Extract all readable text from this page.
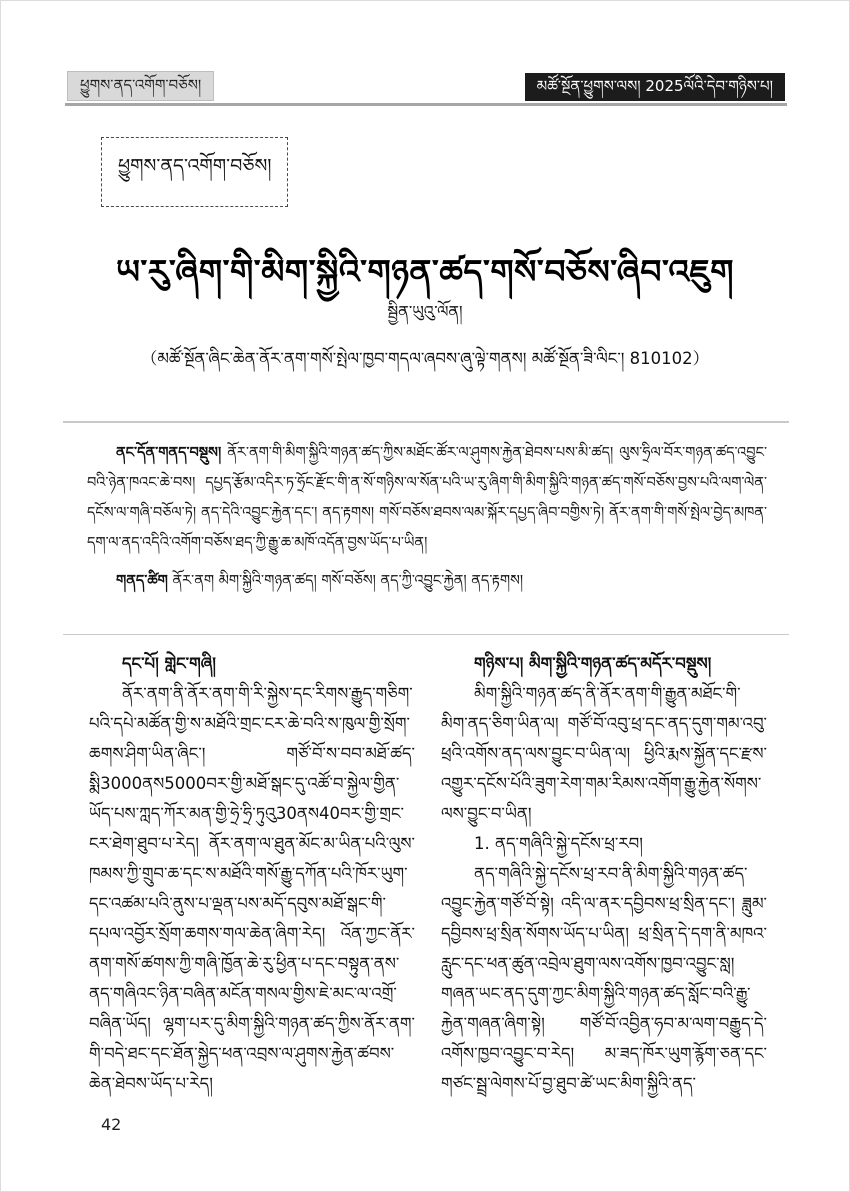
ཕྱུགས་ནད་འགོག་བཅོས།	མཚོ་སྔོན་ཕྱུགས་ལས། 2025ལོའི་དེབ་གཉིས་པ།
ཕྱུགས་ནད་འགོག་བཅོས།
ཡ་རུ་ཞིག་གི་མིག་སྐྱིའི་གཉན་ཚད་གསོ་བཅོས་ཞིབ་འཇུག
སྦྱིན་ཡུའུ་ལོན།
（མཚོ་སྔོན་ཞིང་ཆེན་ནོར་ནག་གསོ་སྤེལ་ཁྱབ་གདལ་ཞབས་ཞུ་ལྟེ་གནས། མཚོ་སྔོན་ཟི་ལིང་། 810102）

ནང་དོན་གནད་བསྡུས། ནོར་ནག་གི་མིག་སྐྱིའི་གཉན་ཚད་ཀྱིས་མཐོང་ཚོར་ལ་ཤུགས་རྐྱེན་ཐེབས་པས་མི་ཚད། ལུས་ཧྲིལ་བོར་གཉན་ཚད་འབྱུང་བའི་ཉེན་ཁའང་ཆེ་བས། དཔྱད་རྩོམ་འདིར་ཏ་ཧྲོང་རྫོང་གི་ན་སོ་གཉིས་ལ་སོན་པའི་ཡ་རུ་ཞིག་གི་མིག་སྐྱིའི་གཉན་ཚད་གསོ་བཅོས་བྱས་པའི་ལག་ལེན་དངོས་ལ་གཞི་བཅོལ་ཏེ། ནད་དེའི་འབྱུང་རྐྱེན་དང་། ནད་རྟགས། གསོ་བཅོས་ཐབས་ལམ་སྐོར་དཔྱད་ཞིབ་བགྱིས་ཏེ། ནོར་ནག་གི་གསོ་སྤེལ་བྱེད་མཁན་དག་ལ་ནད་འདིའི་འགོག་བཅོས་ཐད་ཀྱི་རྒྱུ་ཆ་མཁོ་འདོན་བྱས་ཡོད་པ་ཡིན།

གནད་ཚིག ནོར་ནག མིག་སྐྱིའི་གཉན་ཚད། གསོ་བཅོས། ནད་ཀྱི་འབྱུང་རྐྱེན། ནད་རྟགས།

དང་པོ། གླེང་གཞི།

ནོར་ནག་ནི་ནོར་ནག་གི་རི་སྐྱེས་དང་རིགས་རྒྱུད་གཅིག་པའི་དཔེ་མཚོན་གྱི་ས་མཐོའི་གྲང་ངར་ཆེ་བའི་ས་ཁུལ་གྱི་སྲོག་ཆགས་ཤིག་ཡིན་ཞིང་། གཙོ་བོ་ས་བབ་མཐོ་ཚད་སྨི3000ནས5000བར་གྱི་མཐོ་སྒང་དུ་འཚོ་བ་སྐྱེལ་གྱིན་ཡོད་པས་ཀླད་ཀོར་མན་གྱི་ཧྲེ་ཧྲི་ཏུའུ30ནས40བར་གྱི་གྲང་ངར་ཐེག་ཐུབ་པ་རེད། ནོར་ནག་ལ་ཐུན་མོང་མ་ཡིན་པའི་ལུས་ཁམས་ཀྱི་གྲུབ་ཆ་དང་ས་མཐོའི་གསོ་རྒྱུ་དཀོན་པའི་ཁོར་ཡུག་དང་འཚམ་པའི་ནུས་པ་ལྡན་པས་མདོ་དབུས་མཐོ་སྒང་གི་དཔལ་འབྱོར་སྲོག་ཆགས་གལ་ཆེན་ཞིག་རེད། འོན་ཀྱང་ནོར་ནག་གསོ་ཚགས་ཀྱི་གཞི་ཁྱོན་ཆེ་རུ་ཕྱིན་པ་དང་བསྟུན་ནས་ནད་གཞིའང་ཉིན་བཞིན་མངོན་གསལ་གྱིས་ཇེ་མང་ལ་འགྲོ་བཞིན་ཡོད། ལྷག་པར་དུ་མིག་སྐྱིའི་གཉན་ཚད་ཀྱིས་ནོར་ནག་གི་བདེ་ཐང་དང་ཐོན་སྐྱེད་ཕན་འབྲས་ལ་ཤུགས་རྐྱེན་ཚབས་ཆེན་ཐེབས་ཡོད་པ་རེད།

གཉིས་པ། མིག་སྐྱིའི་གཉན་ཚད་མདོར་བསྡུས།

མིག་སྐྱིའི་གཉན་ཚད་ནི་ནོར་ནག་གི་རྒྱུན་མཐོང་གི་མིག་ནད་ཅིག་ཡིན་ལ། གཙོ་བོ་འབུ་ཕྲ་དང་ནད་དུག་གམ་འབུ་ཕྲའི་འགོས་ནད་ལས་བྱུང་བ་ཡིན་ལ། ཕྱིའི་རྨས་སྐྱོན་དང་རྫས་འགྱུར་དངོས་པོའི་ཟུག་རེག་གམ་རིམས་འགོག་རྒྱུ་རྐྱེན་སོགས་ལས་བྱུང་བ་ཡིན།

1. ནད་གཞིའི་སྐྱེ་དངོས་ཕྲ་རབ།

ནད་གཞིའི་སྐྱེ་དངོས་ཕྲ་རབ་ནི་མིག་སྐྱིའི་གཉན་ཚད་འབྱུང་རྐྱེན་གཙོ་བོ་སྟེ། འདི་ལ་ནར་དབྱིབས་ཕྲ་སྲིན་དང་། ཟླུམ་དབྱིབས་ཕྲ་སྲིན་སོགས་ཡོད་པ་ཡིན། ཕྲ་སྲིན་དེ་དག་ནི་མཁའ་རླུང་དང་ཕན་ཚུན་འབྲེལ་ཐུག་ལས་འགོས་ཁྱབ་འབྱུང་སླ། གཞན་ཡང་ནད་དུག་ཀྱང་མིག་སྐྱིའི་གཉན་ཚད་སློང་བའི་རྒྱུ་རྐྱེན་གཞན་ཞིག་སྟེ། གཙོ་བོ་འབྱིན་ཧབ་མ་ལག་བརྒྱུད་དེ་འགོས་ཁྱབ་འབྱུང་བ་རེད། མ་ཟད་ཁོར་ཡུག་རྙོག་ཅན་དང་གཙང་སྦྲ་ལེགས་པོ་བྱ་ཐུབ་ཚེ་ཡང་མིག་སྐྱིའི་ནད་

42
